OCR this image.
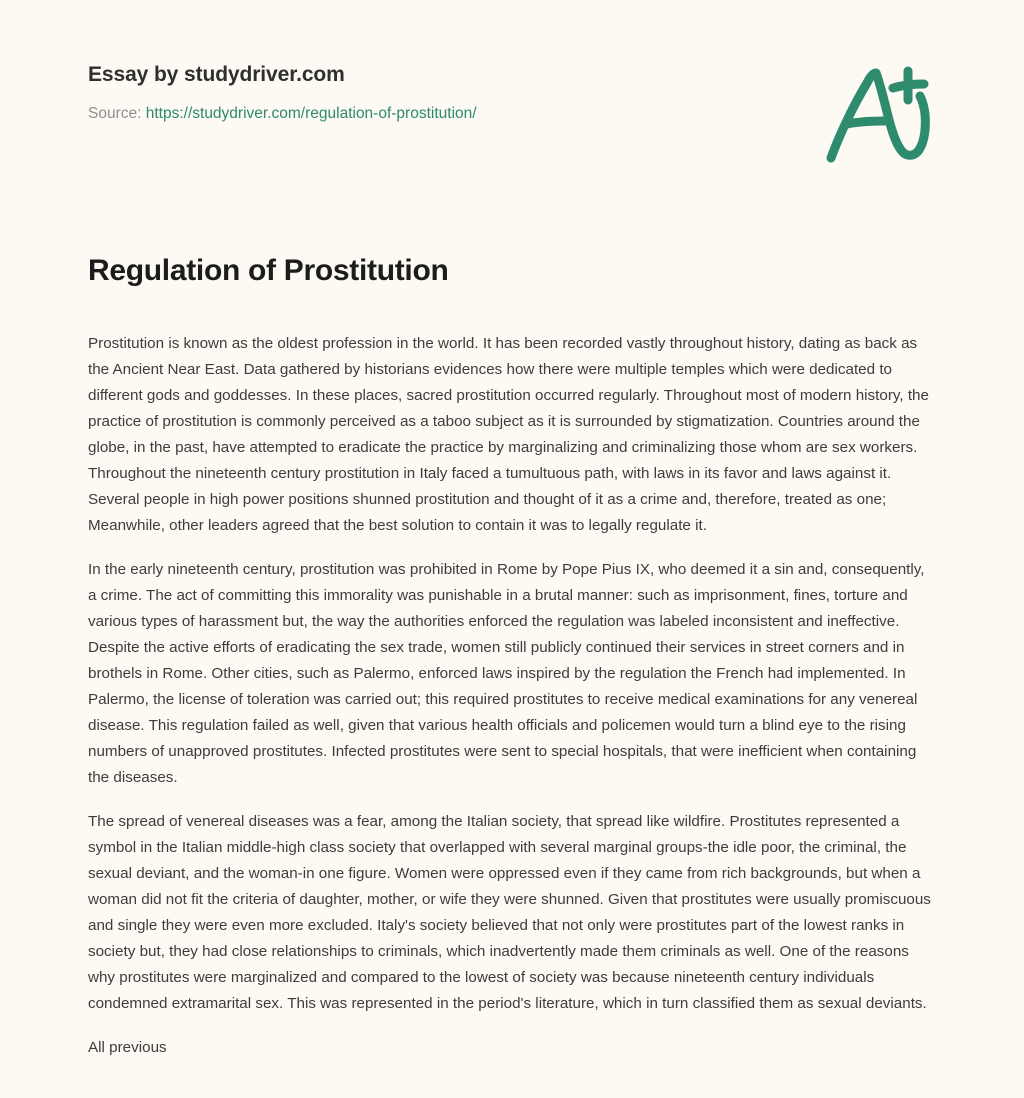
Essay by studydriver.com
Source: https://studydriver.com/regulation-of-prostitution/
Regulation of Prostitution

Prostitution is known as the oldest profession in the world. It has been recorded vastly throughout history, dating as back as the Ancient Near East. Data gathered by historians evidences how there were multiple temples which were dedicated to different gods and goddesses. In these places, sacred prostitution occurred regularly. Throughout most of modern history, the practice of prostitution is commonly perceived as a taboo subject as it is surrounded by stigmatization. Countries around the globe, in the past, have attempted to eradicate the practice by marginalizing and criminalizing those whom are sex workers. Throughout the nineteenth century prostitution in Italy faced a tumultuous path, with laws in its favor and laws against it. Several people in high power positions shunned prostitution and thought of it as a crime and, therefore, treated as one; Meanwhile, other leaders agreed that the best solution to contain it was to legally regulate it.

In the early nineteenth century, prostitution was prohibited in Rome by Pope Pius IX, who deemed it a sin and, consequently, a crime. The act of committing this immorality was punishable in a brutal manner: such as imprisonment, fines, torture and various types of harassment but, the way the authorities enforced the regulation was labeled inconsistent and ineffective. Despite the active efforts of eradicating the sex trade, women still publicly continued their services in street corners and in brothels in Rome. Other cities, such as Palermo, enforced laws inspired by the regulation the French had implemented. In Palermo, the license of toleration was carried out; this required prostitutes to receive medical examinations for any venereal disease. This regulation failed as well, given that various health officials and policemen would turn a blind eye to the rising numbers of unapproved prostitutes. Infected prostitutes were sent to special hospitals, that were inefficient when containing the diseases.

The spread of venereal diseases was a fear, among the Italian society, that spread like wildfire. Prostitutes represented a symbol in the Italian middle-high class society that overlapped with several marginal groups-the idle poor, the criminal, the sexual deviant, and the woman-in one figure. Women were oppressed even if they came from rich backgrounds, but when a woman did not fit the criteria of daughter, mother, or wife they were shunned. Given that prostitutes were usually promiscuous and single they were even more excluded. Italy's society believed that not only were prostitutes part of the lowest ranks in society but, they had close relationships to criminals, which inadvertently made them criminals as well. One of the reasons why prostitutes were marginalized and compared to the lowest of society was because nineteenth century individuals condemned extramarital sex. This was represented in the period's literature, which in turn classified them as sexual deviants.

All previous
